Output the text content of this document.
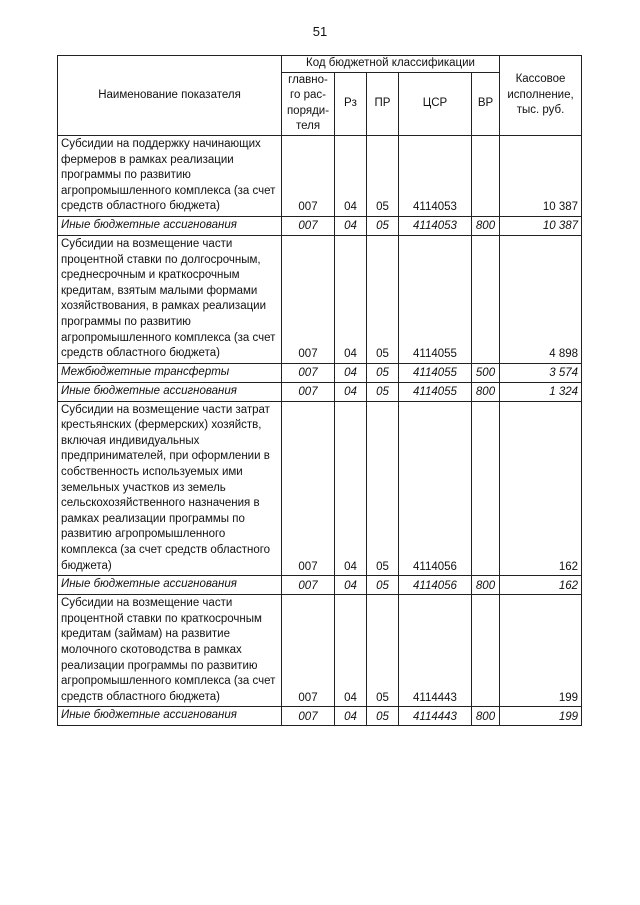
51
Наименование показателя	Код бюджетной классификации					Кассовое исполнение, тыс. руб.
	главно-го рас-поряди-теля	Рз	ПР	ЦСР	ВР	
Субсидии на поддержку начинающих фермеров в рамках реализации программы по развитию агропромышленного комплекса (за счет средств областного бюджета)	007	04	05	4114053		10 387
Иные бюджетные ассигнования	007	04	05	4114053	800	10 387
Субсидии на возмещение части процентной ставки по долгосрочным, среднесрочным и краткосрочным кредитам, взятым малыми формами хозяйствования, в рамках реализации программы по развитию агропромышленного комплекса (за счет средств областного бюджета)	007	04	05	4114055		4 898
Межбюджетные трансферты	007	04	05	4114055	500	3 574
Иные бюджетные ассигнования	007	04	05	4114055	800	1 324
Субсидии на возмещение части затрат крестьянских (фермерских) хозяйств, включая индивидуальных предпринимателей, при оформлении в собственность используемых ими земельных участков из земель сельскохозяйственного назначения в рамках реализации программы по развитию агропромышленного комплекса (за счет средств областного бюджета)	007	04	05	4114056		162
Иные бюджетные ассигнования	007	04	05	4114056	800	162
Субсидии на возмещение части процентной ставки по краткосрочным кредитам (займам) на развитие молочного скотоводства в рамках реализации программы по развитию агропромышленного комплекса (за счет средств областного бюджета)	007	04	05	4114443		199
Иные бюджетные ассигнования	007	04	05	4114443	800	199
